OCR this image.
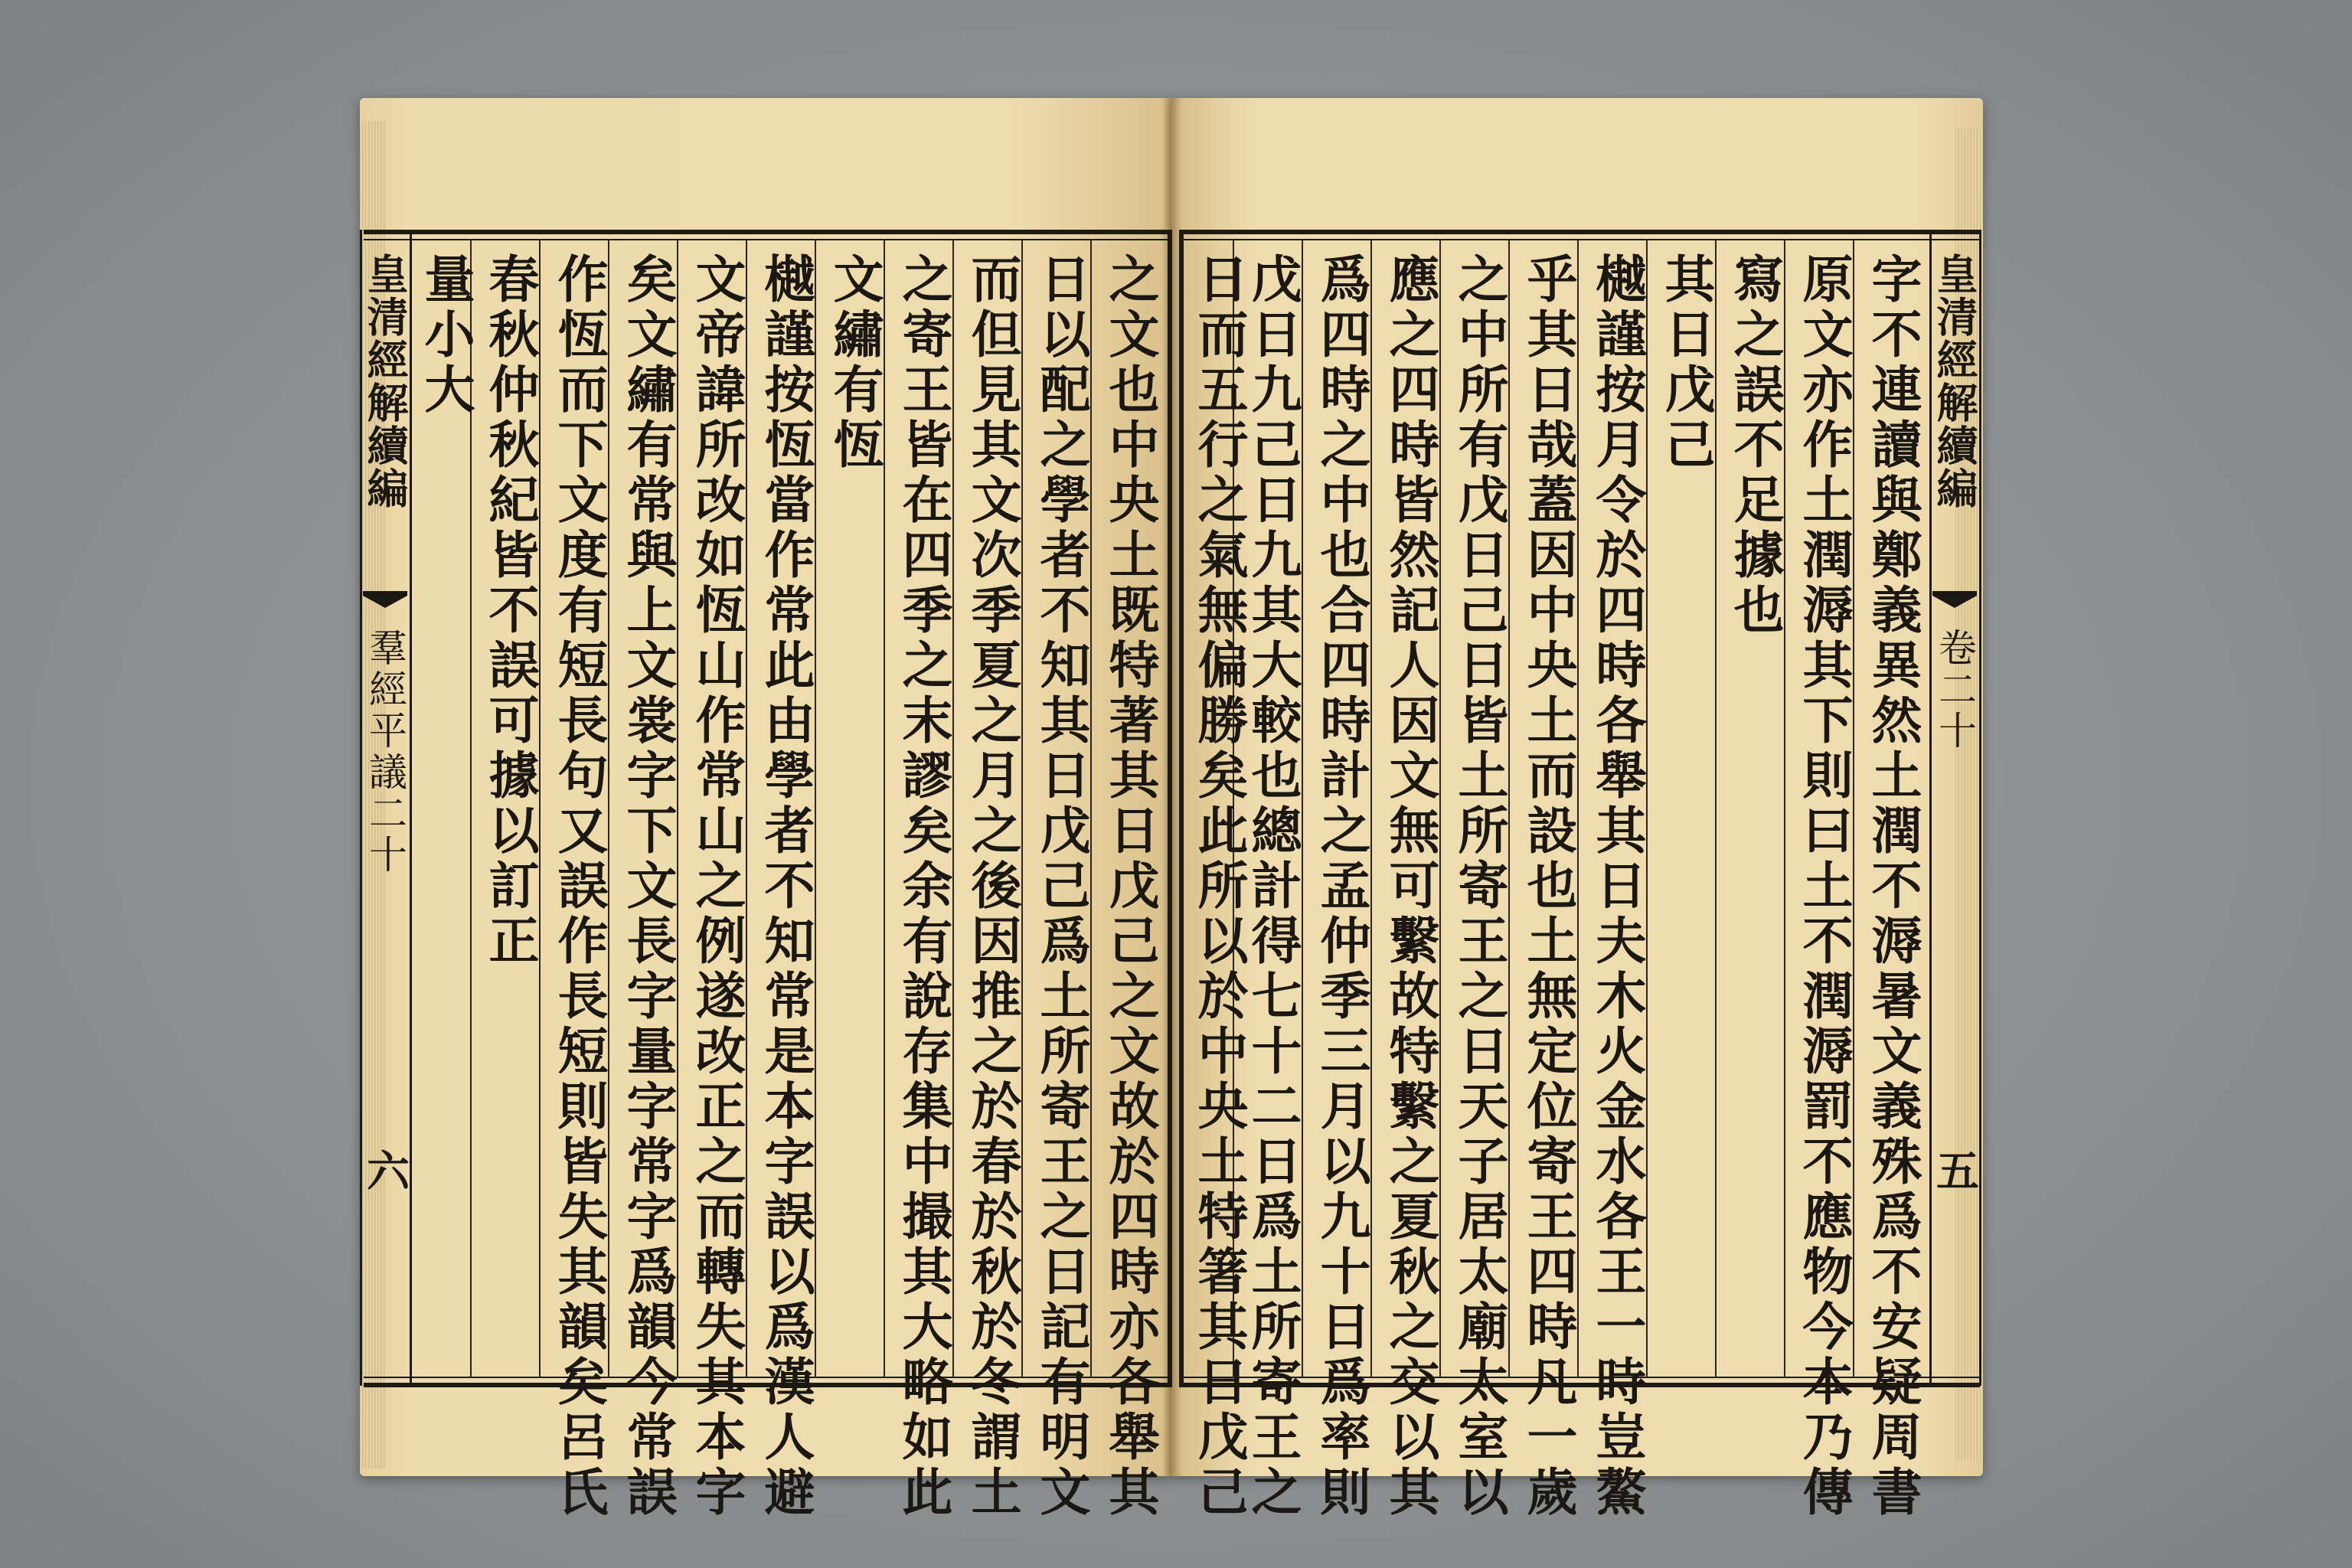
皇清經解續編
羣經平議二十
六
皇清經解續編
卷二十
五
字不連讀與鄭義異然土潤不溽暑文義殊爲不安疑周書
原文亦作土潤溽其下則曰土不潤溽罰不應物今本乃傳
寫之誤不足據也
其日戊己
樾謹按月令於四時各舉其日夫木火金水各王一時豈鰲
乎其日哉蓋因中央土而設也土無定位寄王四時凡一歲
之中所有戊日己日皆土所寄王之日天子居太廟太室以
應之四時皆然記人因文無可繫故特繫之夏秋之交以其
爲四時之中也合四時計之孟仲季三月以九十日爲率則
戊日九己日九其大較也總計得七十二日爲土所寄王之
日而五行之氣無偏勝矣此所以於中央土特箸其日戊己
之文也中央土既特著其日戊己之文故於四時亦各舉其
日以配之學者不知其日戊己爲土所寄王之日記有明文
而但見其文次季夏之月之後因推之於春於秋於冬謂土
之寄王皆在四季之末謬矣余有說存集中撮其大略如此
文繡有恆
樾謹按恆當作常此由學者不知常是本字誤以爲漢人避
文帝諱所改如恆山作常山之例遂改正之而轉失其本字
矣文繡有常與上文裳字下文長字量字常字爲韻今常誤
作恆而下文度有短長句又誤作長短則皆失其韻矣呂氏
春秋仲秋紀皆不誤可據以訂正
量小大
